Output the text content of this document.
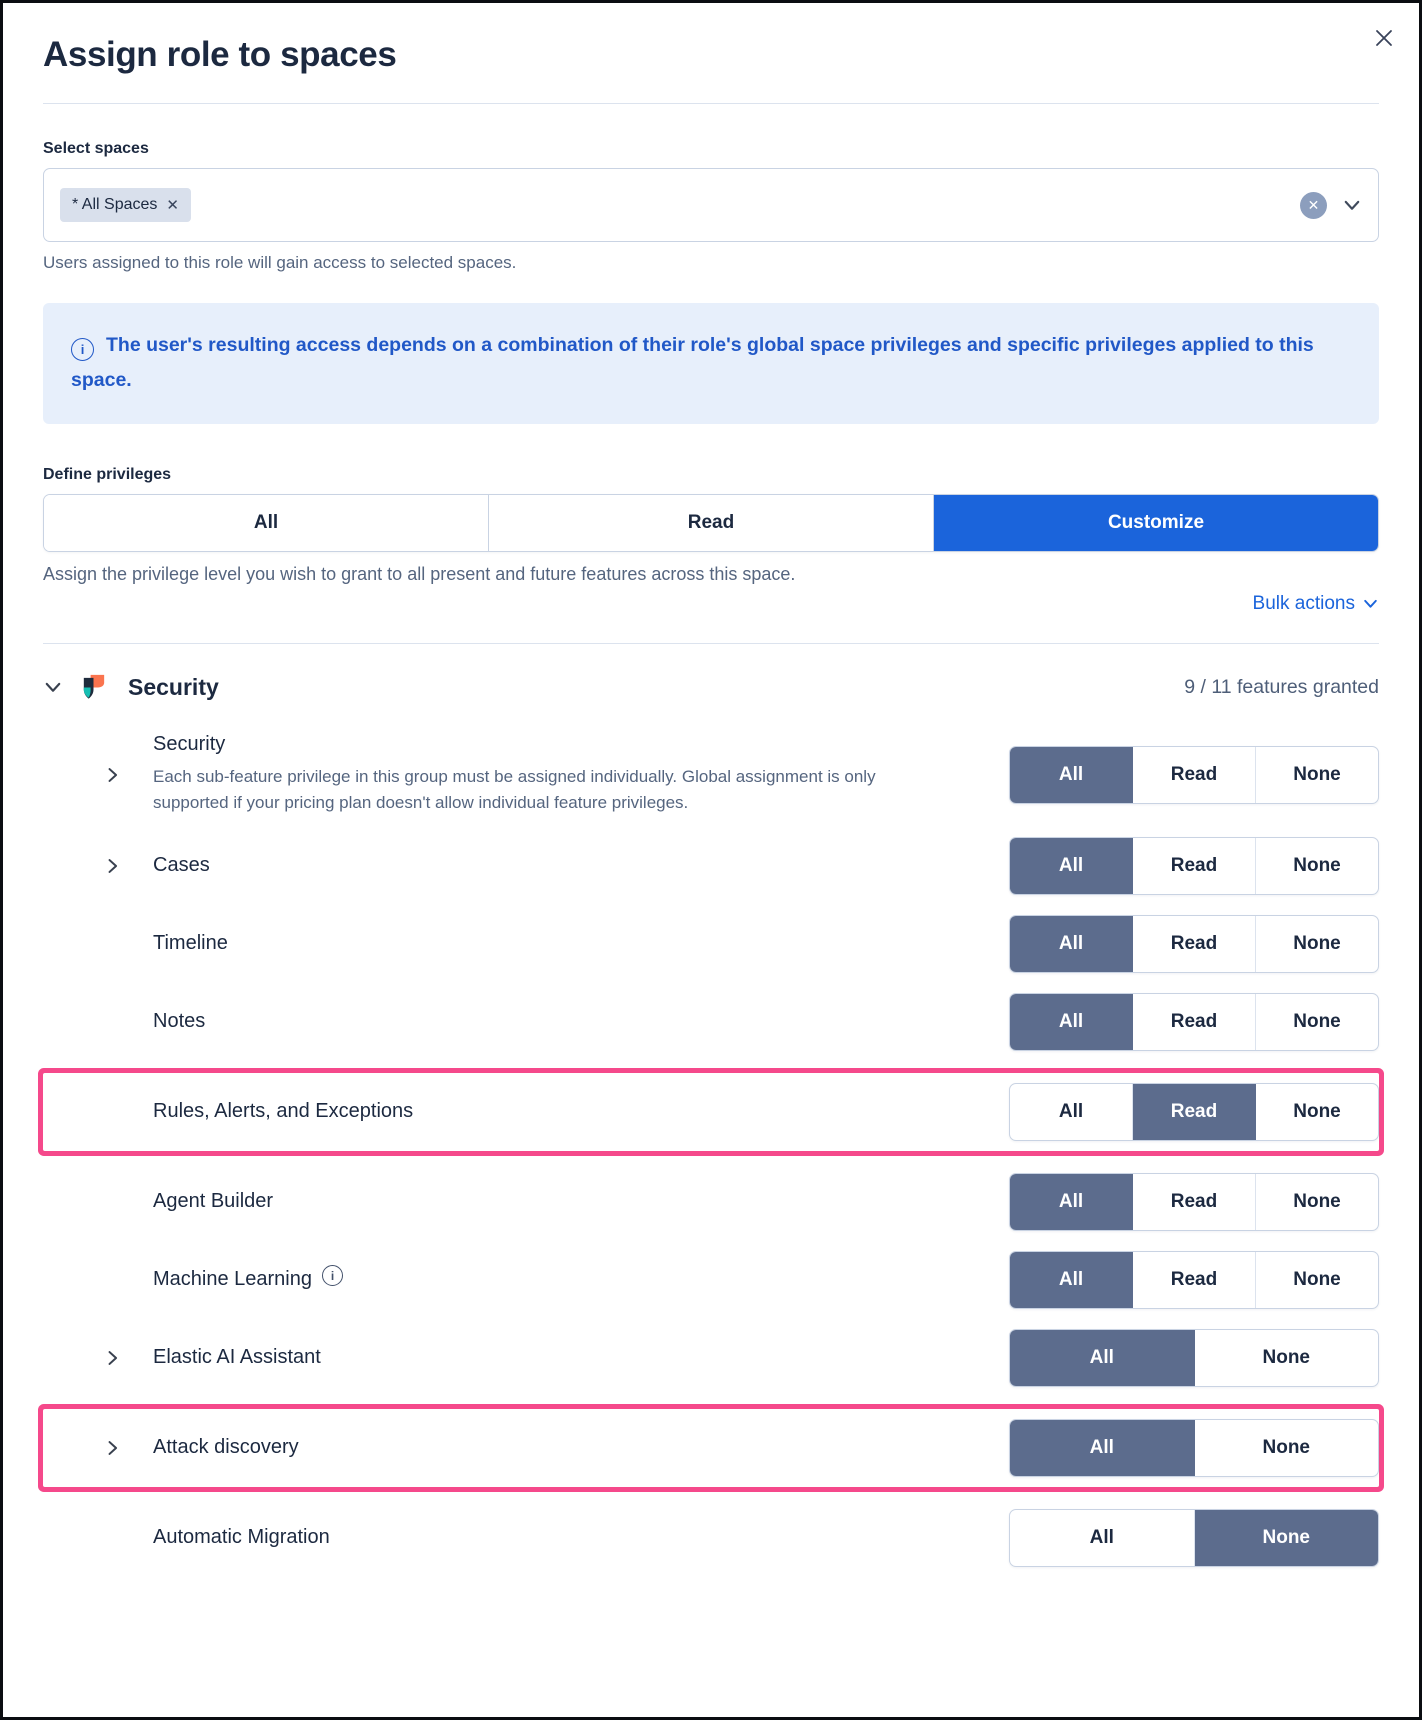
Assign role to spaces
Select spaces
* All Spaces ✕	✕
Users assigned to this role will gain access to selected spaces.
i The user's resulting access depends on a combination of their role's global space privileges and specific privileges applied to this space.
Define privileges
All	Read	Customize
Assign the privilege level you wish to grant to all present and future features across this space.
Bulk actions
Security	9 / 11 features granted
Security
Each sub-feature privilege in this group must be assigned individually. Global assignment is only supported if your pricing plan doesn't allow individual feature privileges.
All	Read	None
Cases	All	Read	None
Timeline	All	Read	None
Notes	All	Read	None
Rules, Alerts, and Exceptions	All	Read	None
Agent Builder	All	Read	None
Machine Learning	i	All	Read	None
Elastic AI Assistant	All	None
Attack discovery	All	None
Automatic Migration	All	None
